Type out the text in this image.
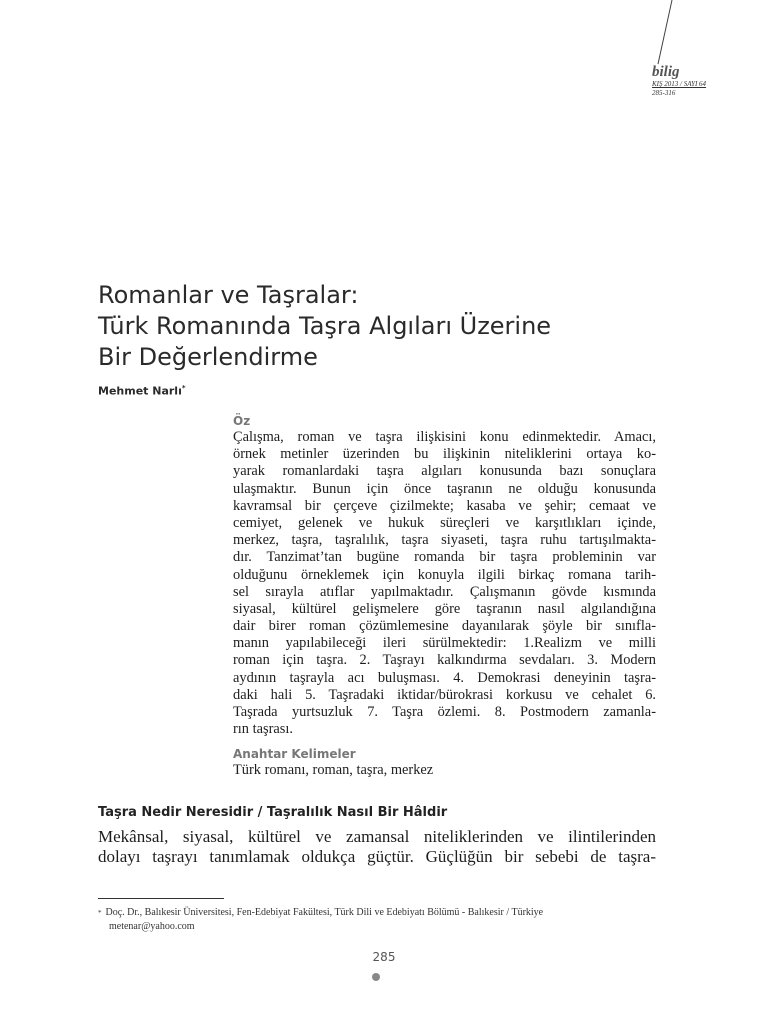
bilig
KIŞ 2013 / SAYI 64
285-316
Romanlar ve Taşralar:
Türk Romanında Taşra Algıları Üzerine
Bir Değerlendirme
Mehmet Narlı*
Öz
Çalışma, roman ve taşra ilişkisini konu edinmektedir. Amacı,
örnek metinler üzerinden bu ilişkinin niteliklerini ortaya ko-
yarak romanlardaki taşra algıları konusunda bazı sonuçlara
ulaşmaktır. Bunun için önce taşranın ne olduğu konusunda
kavramsal bir çerçeve çizilmekte; kasaba ve şehir; cemaat ve
cemiyet, gelenek ve hukuk süreçleri ve karşıtlıkları içinde,
merkez, taşra, taşralılık, taşra siyaseti, taşra ruhu tartışılmakta-
dır. Tanzimat’tan bugüne romanda bir taşra probleminin var
olduğunu örneklemek için konuyla ilgili birkaç romana tarih-
sel sırayla atıflar yapılmaktadır. Çalışmanın gövde kısmında
siyasal, kültürel gelişmelere göre taşranın nasıl algılandığına
dair birer roman çözümlemesine dayanılarak şöyle bir sınıfla-
manın yapılabileceği ileri sürülmektedir: 1.Realizm ve milli
roman için taşra. 2. Taşrayı kalkındırma sevdaları. 3. Modern
aydının taşrayla acı buluşması. 4. Demokrasi deneyinin taşra-
daki hali 5. Taşradaki iktidar/bürokrasi korkusu ve cehalet 6.
Taşrada yurtsuzluk 7. Taşra özlemi. 8. Postmodern zamanla-
rın taşrası.
Anahtar Kelimeler
Türk romanı, roman, taşra, merkez
Taşra Nedir Neresidir / Taşralılık Nasıl Bir Hâldir
Mekânsal, siyasal, kültürel ve zamansal niteliklerinden ve ilintilerinden
dolayı taşrayı tanımlamak oldukça güçtür. Güçlüğün bir sebebi de taşra-
* Doç. Dr., Balıkesir Üniversitesi, Fen-Edebiyat Fakültesi, Türk Dili ve Edebiyatı Bölümü - Balıkesir / Türkiye
metenar@yahoo.com
285
